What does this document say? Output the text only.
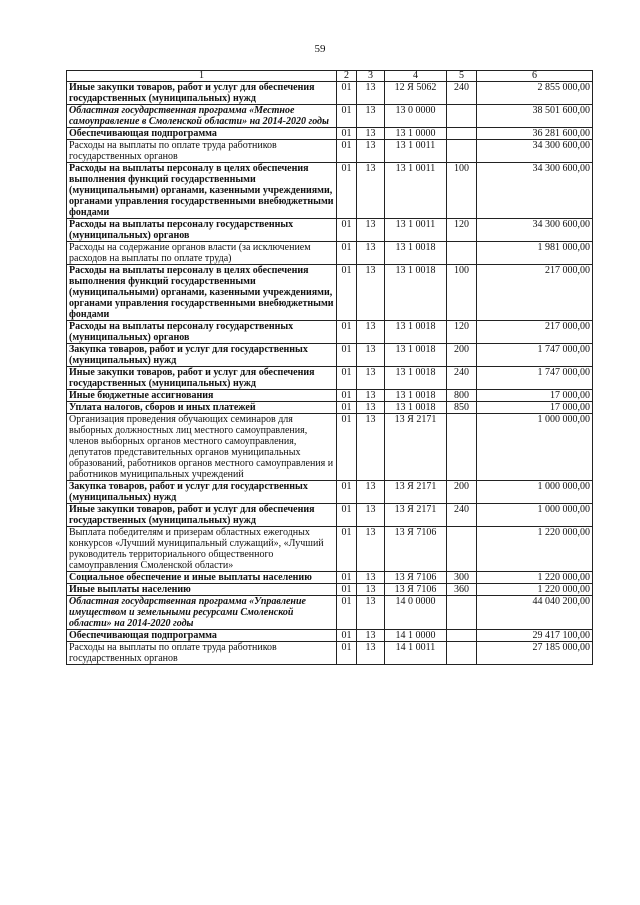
59
1	2	3	4	5	6
Иные закупки товаров, работ и услуг для обеспечения государственных (муниципальных) нужд	01	13	12 Я 5062	240	2 855 000,00
Областная государственная программа «Местное самоуправление в Смоленской области» на 2014-2020 годы	01	13	13 0 0000		38 501 600,00
Обеспечивающая подпрограмма	01	13	13 1 0000		36 281 600,00
Расходы на выплаты по оплате труда работников государственных органов	01	13	13 1 0011		34 300 600,00
Расходы на выплаты персоналу в целях обеспечения выполнения функций государственными (муниципальными) органами, казенными учреждениями, органами управления государственными внебюджетными фондами	01	13	13 1 0011	100	34 300 600,00
Расходы на выплаты персоналу государственных (муниципальных) органов	01	13	13 1 0011	120	34 300 600,00
Расходы на содержание органов власти (за исключением расходов на выплаты по оплате труда)	01	13	13 1 0018		1 981 000,00
Расходы на выплаты персоналу в целях обеспечения выполнения функций государственными (муниципальными) органами, казенными учреждениями, органами управления государственными внебюджетными фондами	01	13	13 1 0018	100	217 000,00
Расходы на выплаты персоналу государственных (муниципальных) органов	01	13	13 1 0018	120	217 000,00
Закупка товаров, работ и услуг для государственных (муниципальных) нужд	01	13	13 1 0018	200	1 747 000,00
Иные закупки товаров, работ и услуг для обеспечения государственных (муниципальных) нужд	01	13	13 1 0018	240	1 747 000,00
Иные бюджетные ассигнования	01	13	13 1 0018	800	17 000,00
Уплата налогов, сборов и иных платежей	01	13	13 1 0018	850	17 000,00
Организация проведения обучающих семинаров для выборных должностных лиц местного самоуправления, членов выборных органов местного самоуправления, депутатов представительных органов муниципальных образований, работников органов местного самоуправления и работников муниципальных учреждений	01	13	13 Я 2171		1 000 000,00
Закупка товаров, работ и услуг для государственных (муниципальных) нужд	01	13	13 Я 2171	200	1 000 000,00
Иные закупки товаров, работ и услуг для обеспечения государственных (муниципальных) нужд	01	13	13 Я 2171	240	1 000 000,00
Выплата победителям и призерам областных ежегодных конкурсов «Лучший муниципальный служащий», «Лучший руководитель территориального общественного самоуправления Смоленской области»	01	13	13 Я 7106		1 220 000,00
Социальное обеспечение и иные выплаты населению	01	13	13 Я 7106	300	1 220 000,00
Иные выплаты населению	01	13	13 Я 7106	360	1 220 000,00
Областная государственная программа «Управление имуществом и земельными ресурсами Смоленской области» на 2014-2020 годы	01	13	14 0 0000		44 040 200,00
Обеспечивающая подпрограмма	01	13	14 1 0000		29 417 100,00
Расходы на выплаты по оплате труда работников государственных органов	01	13	14 1 0011		27 185 000,00
